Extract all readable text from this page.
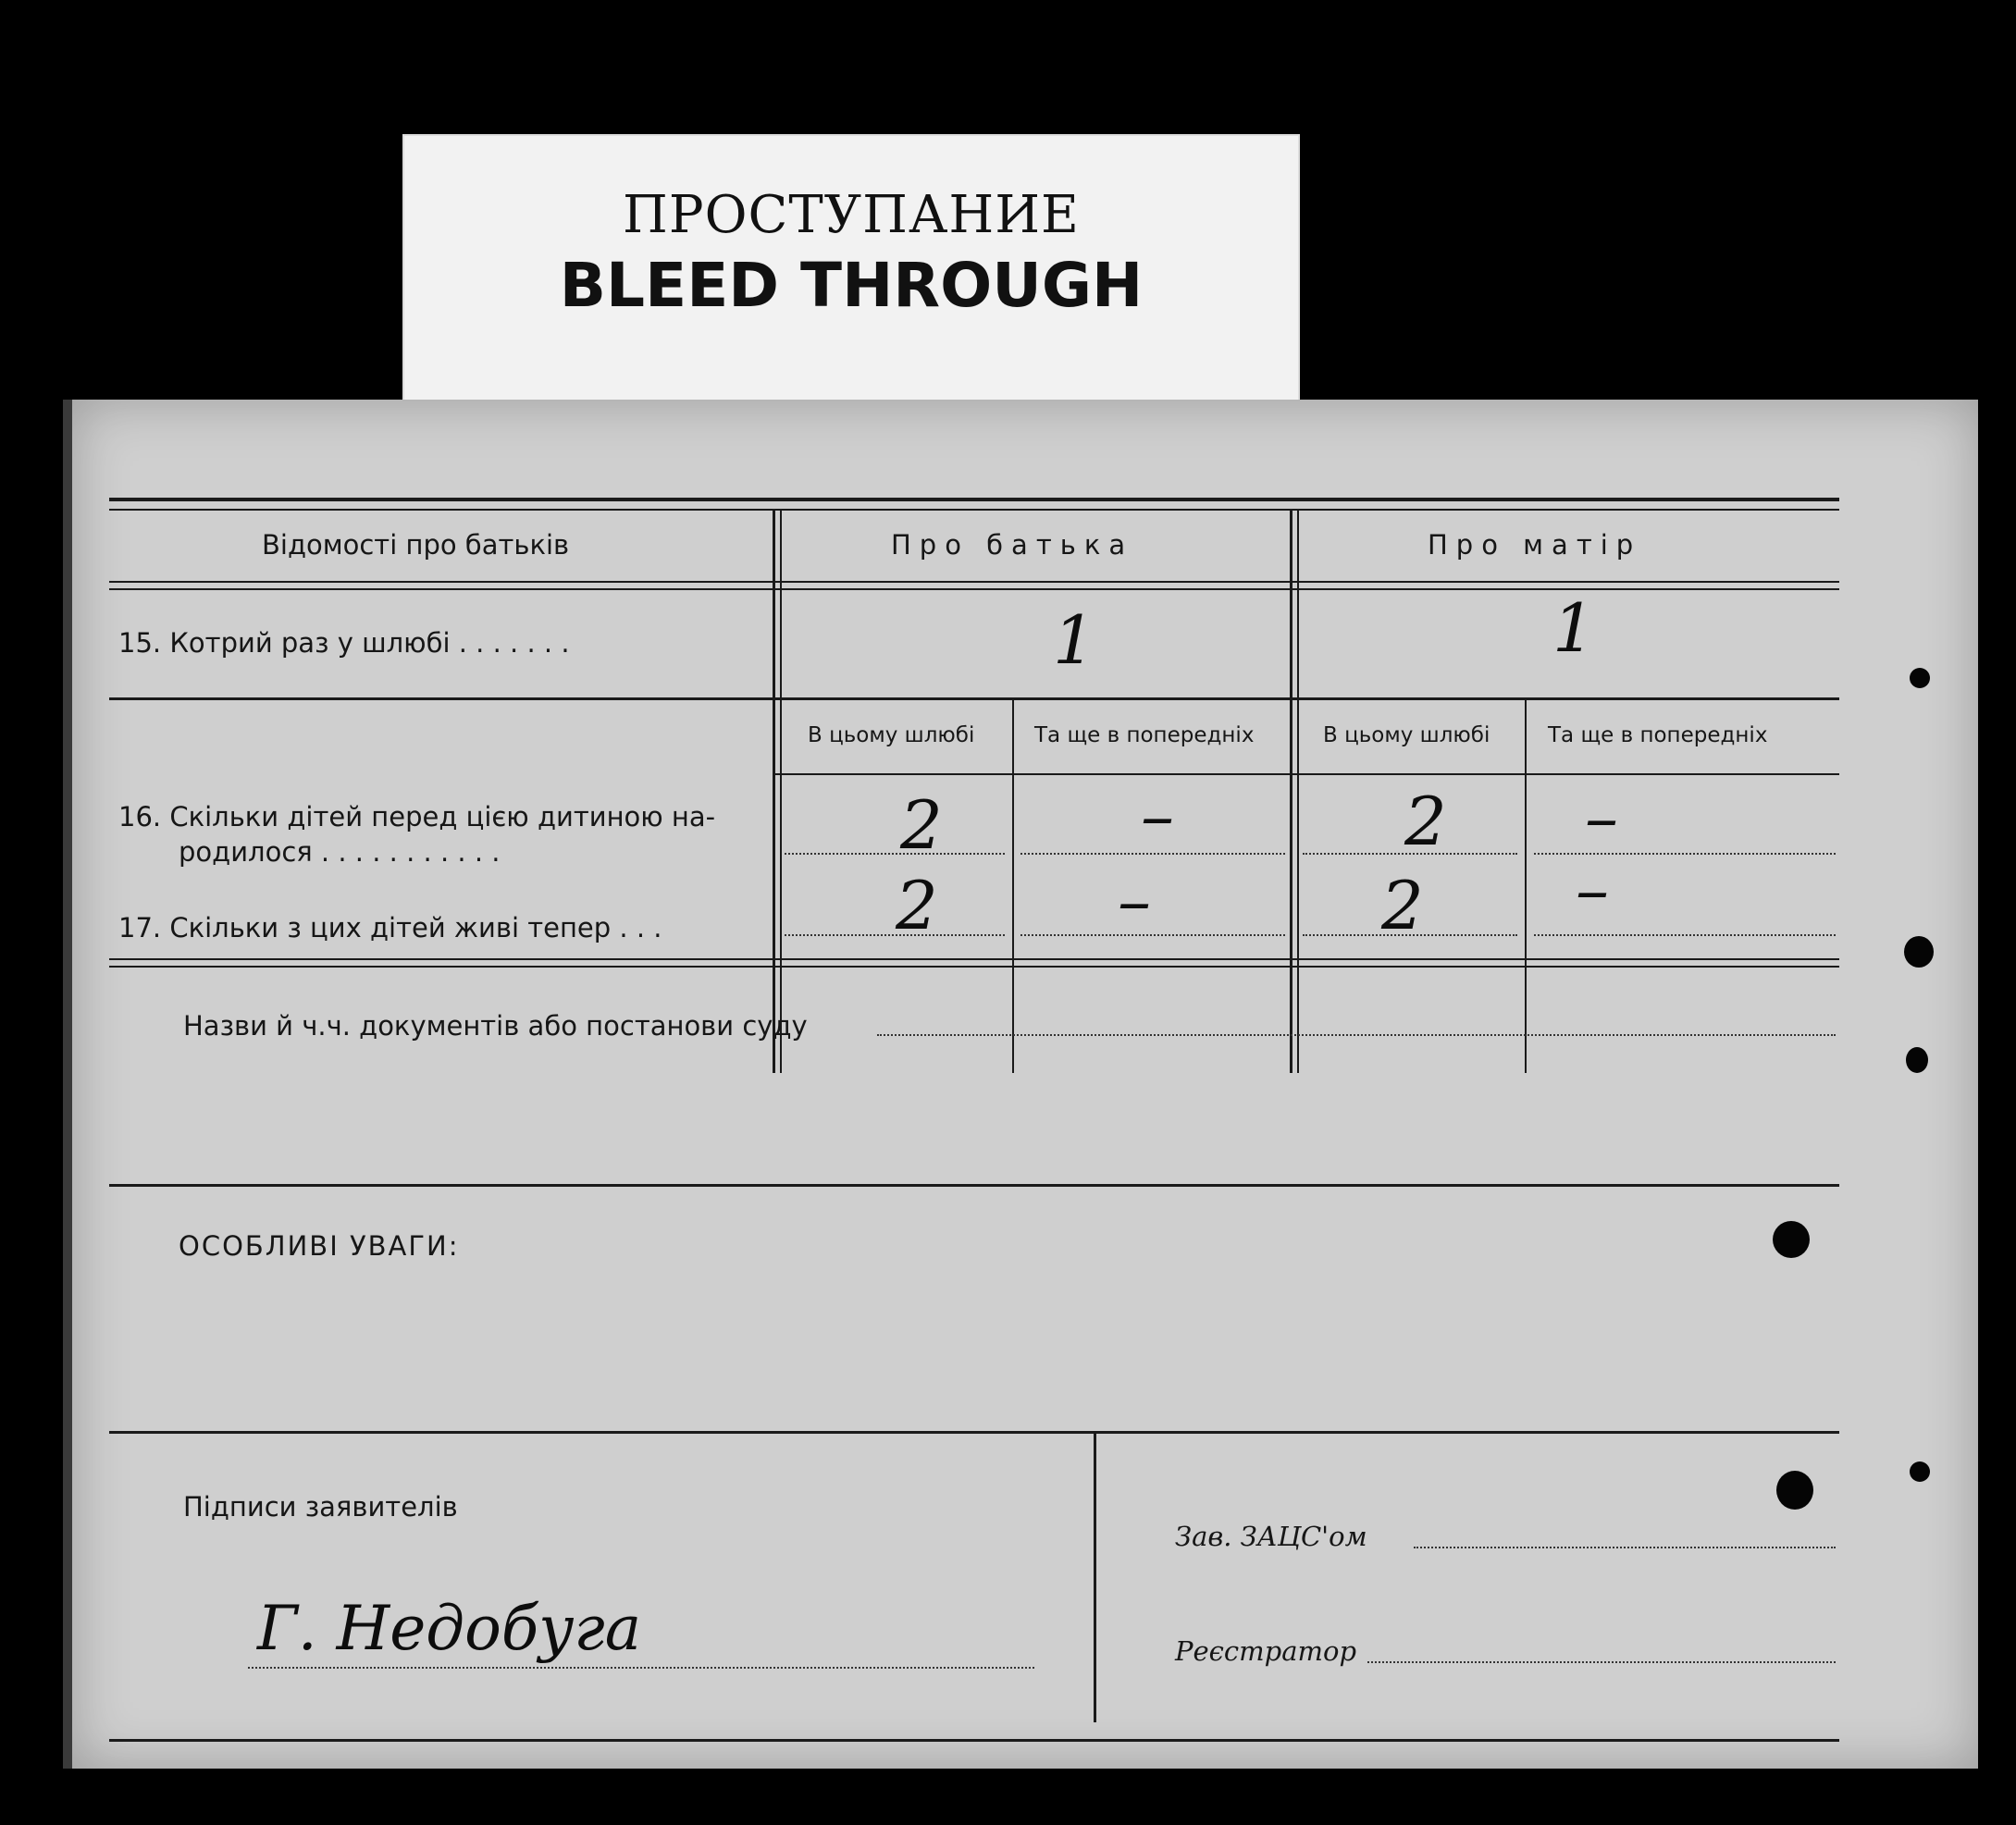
ПРОСТУПАНИЕ
BLEED THROUGH
Відомості про батьків	Про батька	Про матір
15. Котрий раз у шлюбі . . . . . . .	1	1
В цьому шлюбі	Та ще в попередніх	В цьому шлюбі	Та ще в попередніх
16. Скільки дітей перед цією дитиною на-
родилося . . . . . . . . . . .	2	–	2 –
17. Скільки з цих дітей живі тепер . . .	2	–	2 –
Назви й ч.ч. документів або постанови суду
ОСОБЛИВІ УВАГИ:
Підписи заявителів
Г. Недобуга
Зав. ЗАЦС'ом
Реєстратор
